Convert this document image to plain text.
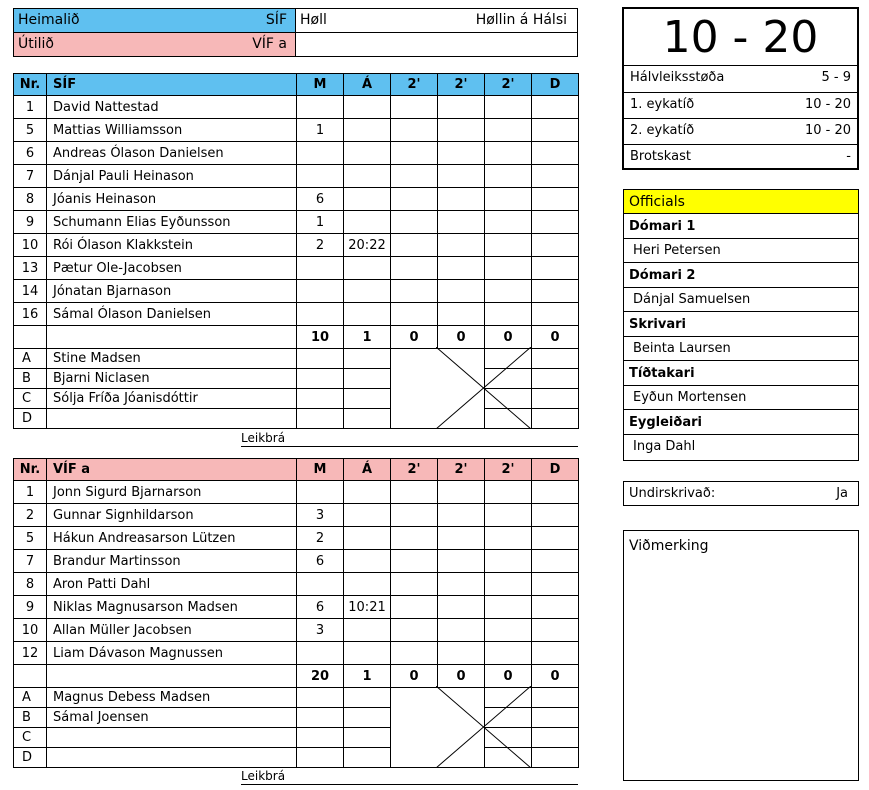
Heimalið	SÍF
Útilið	VÍF a
Høll	Høllin á Hálsi
Nr.	SÍF	M	Á	2'	2'	2'	D
1	David Nattestad						
5	Mattias Williamsson	1					
6	Andreas Ólason Danielsen						
7	Dánjal Pauli Heinason						
8	Jóanis Heinason	6					
9	Schumann Elias Eyðunsson	1					
10	Rói Ólason Klakkstein	2	20:22				
13	Pætur Ole-Jacobsen						
14	Jónatan Bjarnason						
16	Sámal Ólason Danielsen						
		10	1	0	0	0	0
A	Stine Madsen						
B	Bjarni Niclasen						
C	Sólja Fríða Jóanisdóttir						
D							
Leikbrá
Nr.	VÍF a	M	Á	2'	2'	2'	D
1	Jonn Sigurd Bjarnarson						
2	Gunnar Signhildarson	3					
5	Hákun Andreasarson Lützen	2					
7	Brandur Martinsson	6					
8	Aron Patti Dahl						
9	Niklas Magnusarson Madsen	6	10:21				
10	Allan Müller Jacobsen	3					
12	Liam Dávason Magnussen						
		20	1	0	0	0	0
A	Magnus Debess Madsen						
B	Sámal Joensen						
C							
D							
Leikbrá
10 - 20
Hálvleiksstøða	5 - 9
1. eykatíð	10 - 20
2. eykatíð	10 - 20
Brotskast	-
Officials
Dómari 1
Heri Petersen
Dómari 2
Dánjal Samuelsen
Skrivari
Beinta Laursen
Tíðtakari
Eyðun Mortensen
Eygleiðari
Inga Dahl
Undirskrivað:	Ja
Viðmerking
